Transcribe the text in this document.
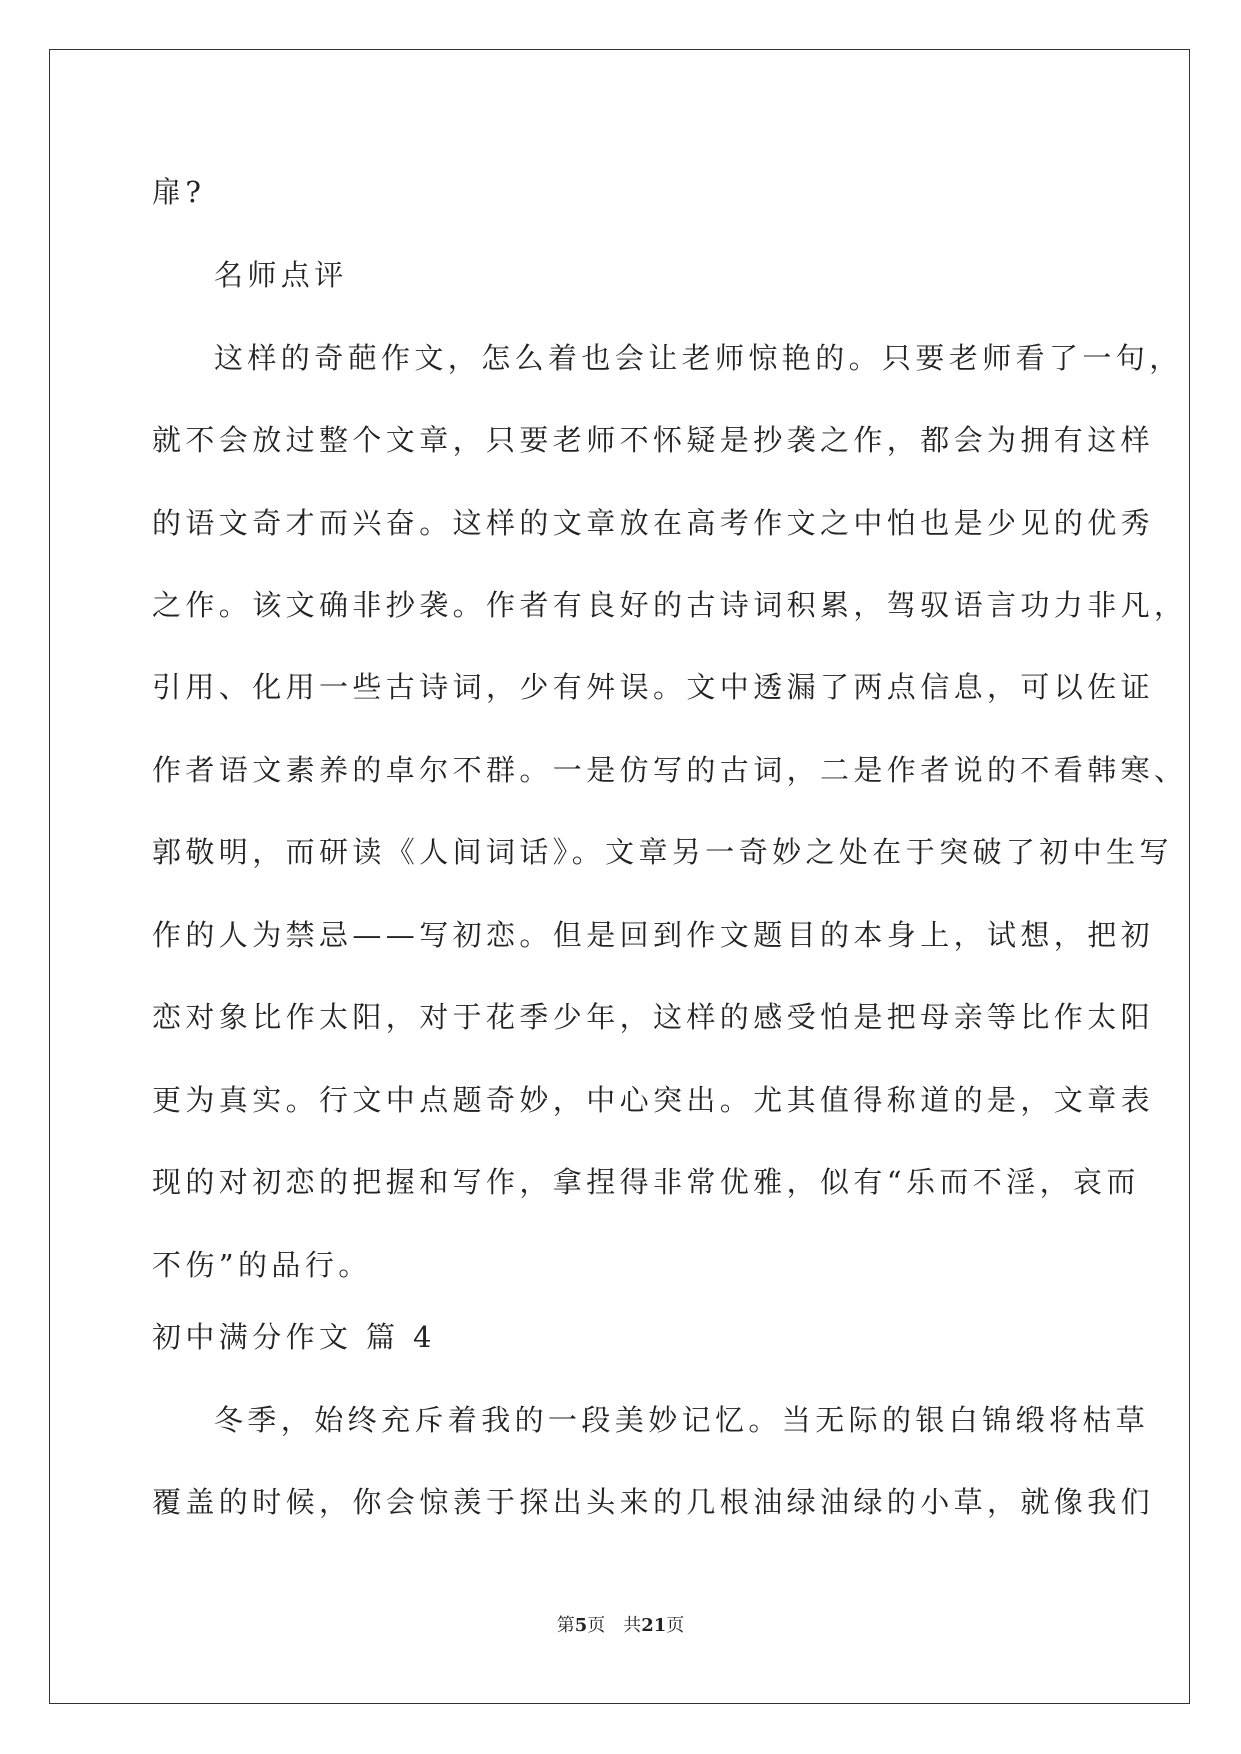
扉?
名师点评
这样的奇葩作文，怎么着也会让老师惊艳的。只要老师看了一句，
就不会放过整个文章，只要老师不怀疑是抄袭之作，都会为拥有这样
的语文奇才而兴奋。这样的文章放在高考作文之中怕也是少见的优秀
之作。该文确非抄袭。作者有良好的古诗词积累，驾驭语言功力非凡，
引用、化用一些古诗词，少有舛误。文中透漏了两点信息，可以佐证
作者语文素养的卓尔不群。一是仿写的古词，二是作者说的不看韩寒、
郭敬明，而研读《人间词话》。文章另一奇妙之处在于突破了初中生写
作的人为禁忌——写初恋。但是回到作文题目的本身上，试想，把初
恋对象比作太阳，对于花季少年，这样的感受怕是把母亲等比作太阳
更为真实。行文中点题奇妙，中心突出。尤其值得称道的是，文章表
现的对初恋的把握和写作，拿捏得非常优雅，似有“乐而不淫，哀而
不伤”的品行。
初中满分作文 篇 4
冬季，始终充斥着我的一段美妙记忆。当无际的银白锦缎将枯草
覆盖的时候，你会惊羡于探出头来的几根油绿油绿的小草，就像我们
第5页　共21页
